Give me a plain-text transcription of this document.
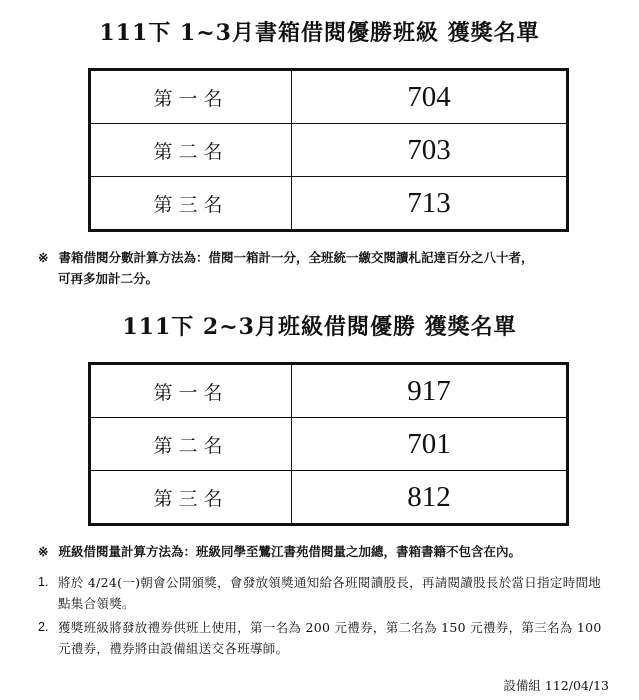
111下 1~3月書箱借閱優勝班級 獲獎名單
第一名	704
第二名	703
第三名	713
※ 書箱借閱分數計算方法為：借閱一箱計一分，全班統一繳交閱讀札記達百分之八十者，
可再多加計二分。
111下 2~3月班級借閱優勝 獲獎名單
第一名	917
第二名	701
第三名	812
※ 班級借閱量計算方法為：班級同學至鷺江書苑借閱量之加總，書箱書籍不包含在內。
1. 將於 4/24(一)朝會公開頒獎，會發放領獎通知給各班閱讀股長，再請閱讀股長於當日指定時間地點集合領獎。
2. 獲獎班級將發放禮券供班上使用，第一名為 200 元禮券，第二名為 150 元禮券，第三名為 100 元禮券，禮券將由設備組送交各班導師。
設備組 112/04/13
